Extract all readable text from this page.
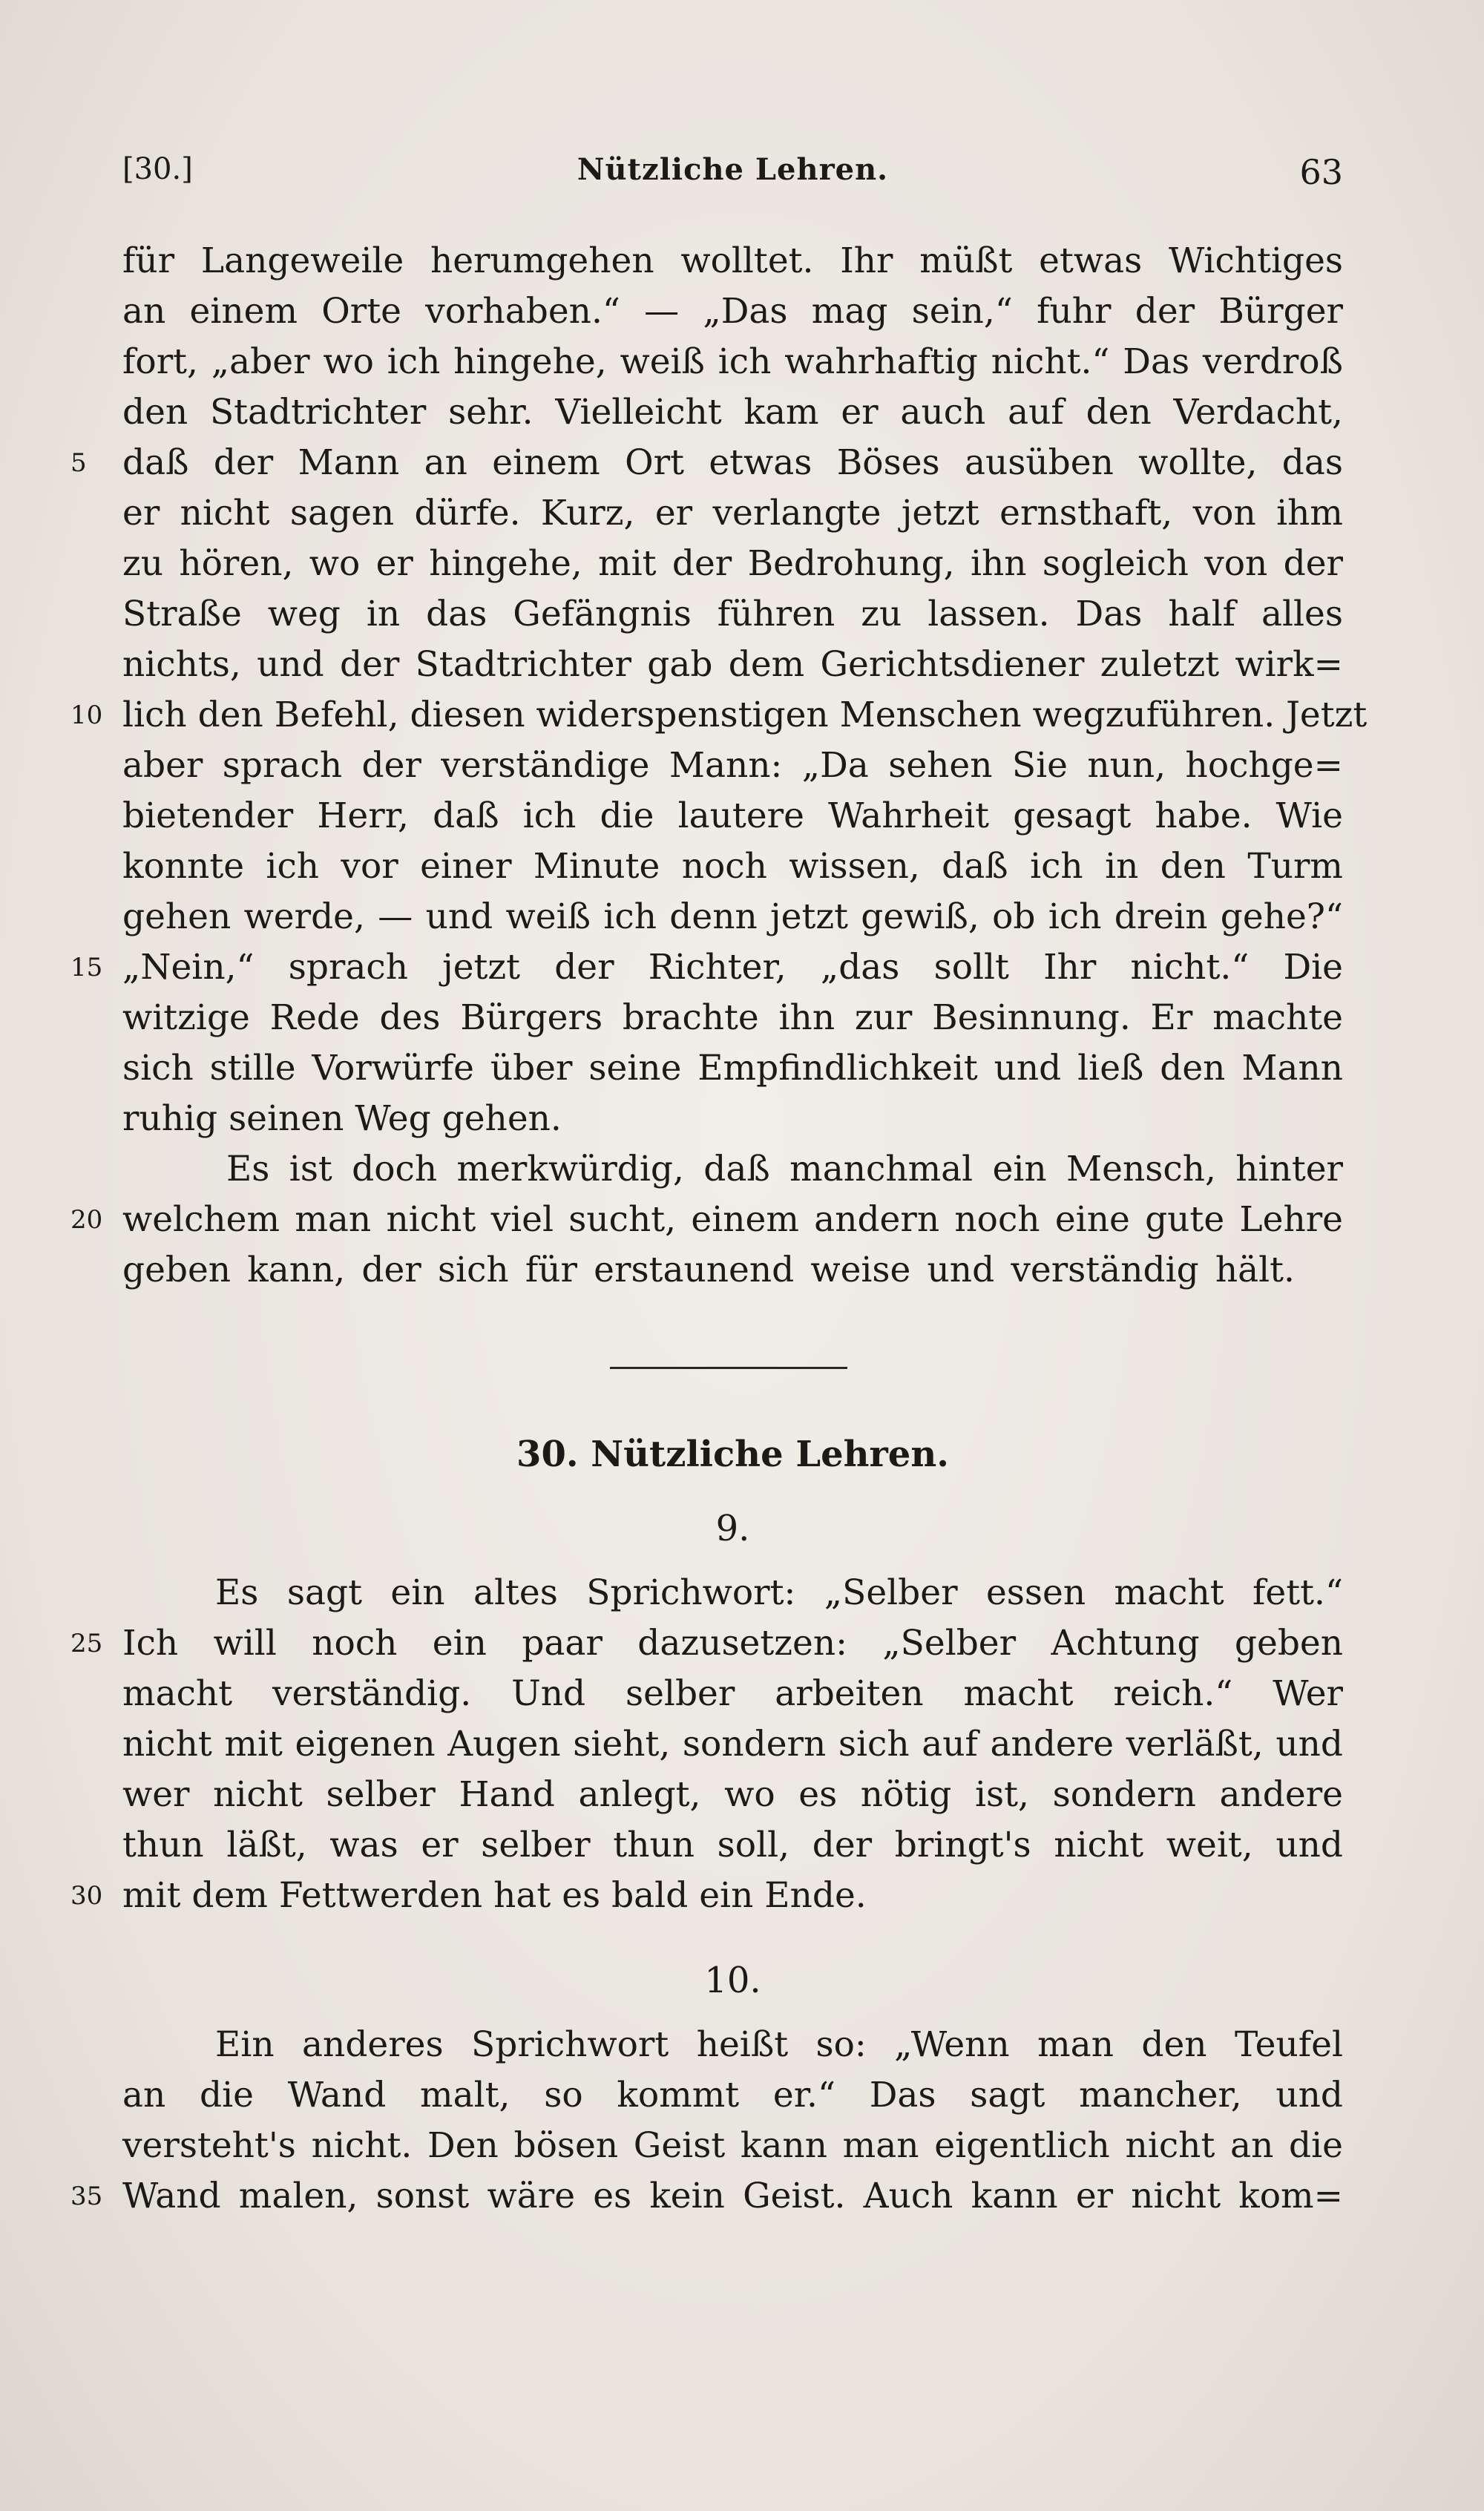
[30.]	Nützliche Lehren.	63
für Langeweile herumgehen wolltet. Ihr müßt etwas Wichtiges
an einem Orte vorhaben.“ — „Das mag sein,“ fuhr der Bürger
fort, „aber wo ich hingehe, weiß ich wahrhaftig nicht.“ Das verdroß
den Stadtrichter sehr. Vielleicht kam er auch auf den Verdacht,
5	daß der Mann an einem Ort etwas Böses ausüben wollte, das
er nicht sagen dürfe. Kurz, er verlangte jetzt ernsthaft, von ihm
zu hören, wo er hingehe, mit der Bedrohung, ihn sogleich von der
Straße weg in das Gefängnis führen zu lassen. Das half alles
nichts, und der Stadtrichter gab dem Gerichtsdiener zuletzt wirk=
10 lich den Befehl, diesen widerspenstigen Menschen wegzuführen. Jetzt
aber sprach der verständige Mann: „Da sehen Sie nun, hochge=
bietender Herr, daß ich die lautere Wahrheit gesagt habe. Wie
konnte ich vor einer Minute noch wissen, daß ich in den Turm
gehen werde, — und weiß ich denn jetzt gewiß, ob ich drein gehe?“
15 „Nein,“ sprach jetzt der Richter, „das sollt Ihr nicht.“ Die
witzige Rede des Bürgers brachte ihn zur Besinnung. Er machte
sich stille Vorwürfe über seine Empfindlichkeit und ließ den Mann
ruhig seinen Weg gehen.
Es ist doch merkwürdig, daß manchmal ein Mensch, hinter
20 welchem man nicht viel sucht, einem andern noch eine gute Lehre
geben kann, der sich für erstaunend weise und verständig hält.
30. Nützliche Lehren.
9.
Es sagt ein altes Sprichwort: „Selber essen macht fett.“
25 Ich will noch ein paar dazusetzen: „Selber Achtung geben
macht verständig. Und selber arbeiten macht reich.“ Wer
nicht mit eigenen Augen sieht, sondern sich auf andere verläßt, und
wer nicht selber Hand anlegt, wo es nötig ist, sondern andere
thun läßt, was er selber thun soll, der bringt's nicht weit, und
30 mit dem Fettwerden hat es bald ein Ende.
10.
Ein anderes Sprichwort heißt so: „Wenn man den Teufel
an die Wand malt, so kommt er.“ Das sagt mancher, und
versteht's nicht. Den bösen Geist kann man eigentlich nicht an die
35 Wand malen, sonst wäre es kein Geist. Auch kann er nicht kom=
